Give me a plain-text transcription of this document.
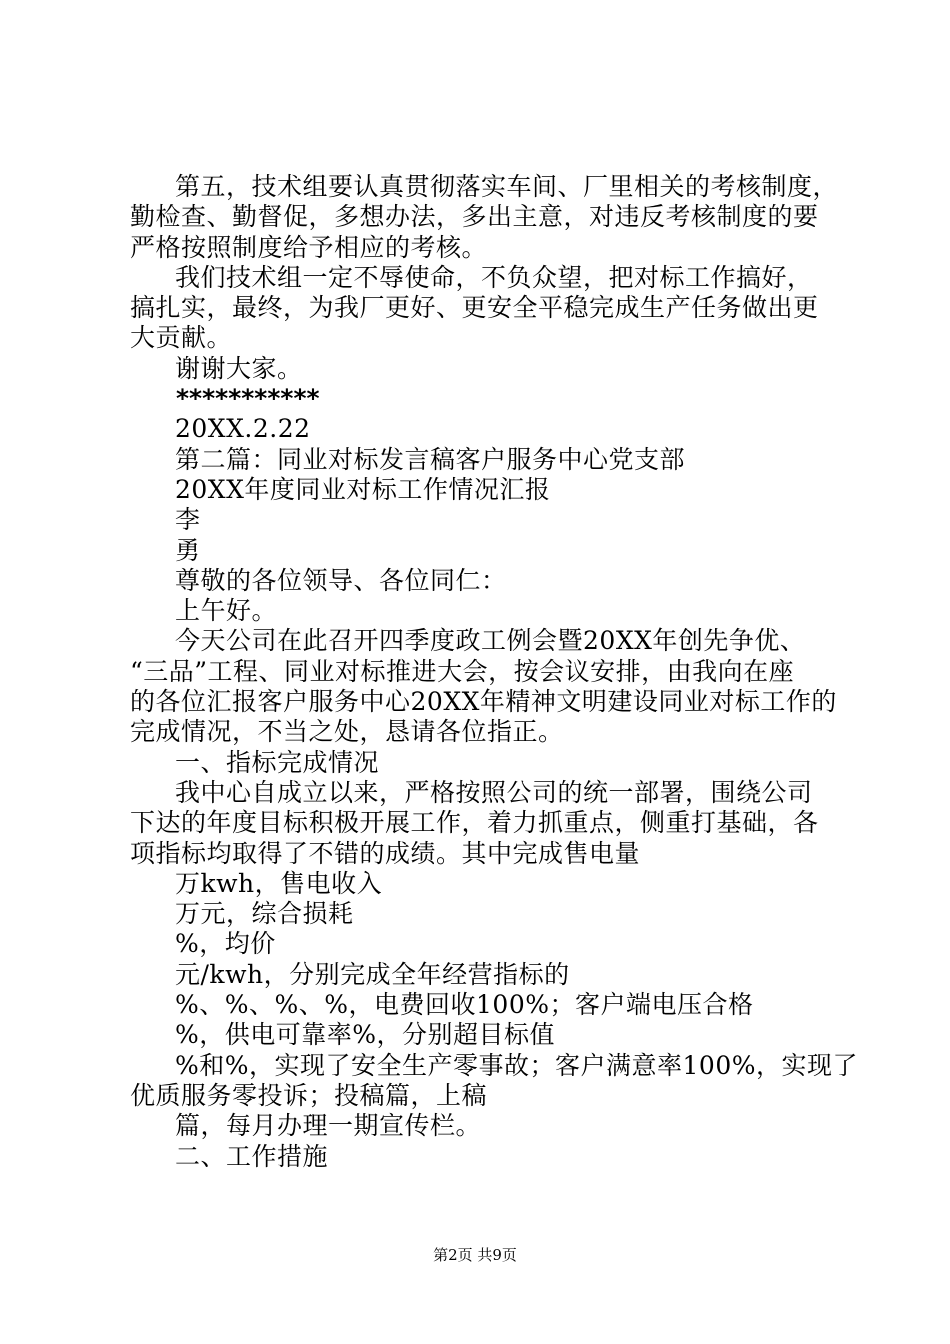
第五，技术组要认真贯彻落实车间、厂里相关的考核制度，

勤检查、勤督促，多想办法，多出主意，对违反考核制度的要

严格按照制度给予相应的考核。

我们技术组一定不辱使命，不负众望，把对标工作搞好，

搞扎实，最终，为我厂更好、更安全平稳完成生产任务做出更

大贡献。

谢谢大家。

***********

20XX.2.22

第二篇：同业对标发言稿客户服务中心党支部

20XX年度同业对标工作情况汇报

李

勇

尊敬的各位领导、各位同仁：

上午好。

今天公司在此召开四季度政工例会暨20XX年创先争优、

“三品”工程、同业对标推进大会，按会议安排，由我向在座

的各位汇报客户服务中心20XX年精神文明建设同业对标工作的

完成情况，不当之处，恳请各位指正。

一、指标完成情况

我中心自成立以来，严格按照公司的统一部署，围绕公司

下达的年度目标积极开展工作，着力抓重点，侧重打基础，各

项指标均取得了不错的成绩。其中完成售电量

万kwh，售电收入

万元，综合损耗

%，均价

元/kwh，分别完成全年经营指标的

%、%、%、%，电费回收100%；客户端电压合格

%，供电可靠率%，分别超目标值

%和%，实现了安全生产零事故；客户满意率100%，实现了

优质服务零投诉；投稿篇，上稿

篇，每月办理一期宣传栏。

二、工作措施

第2页 共9页
